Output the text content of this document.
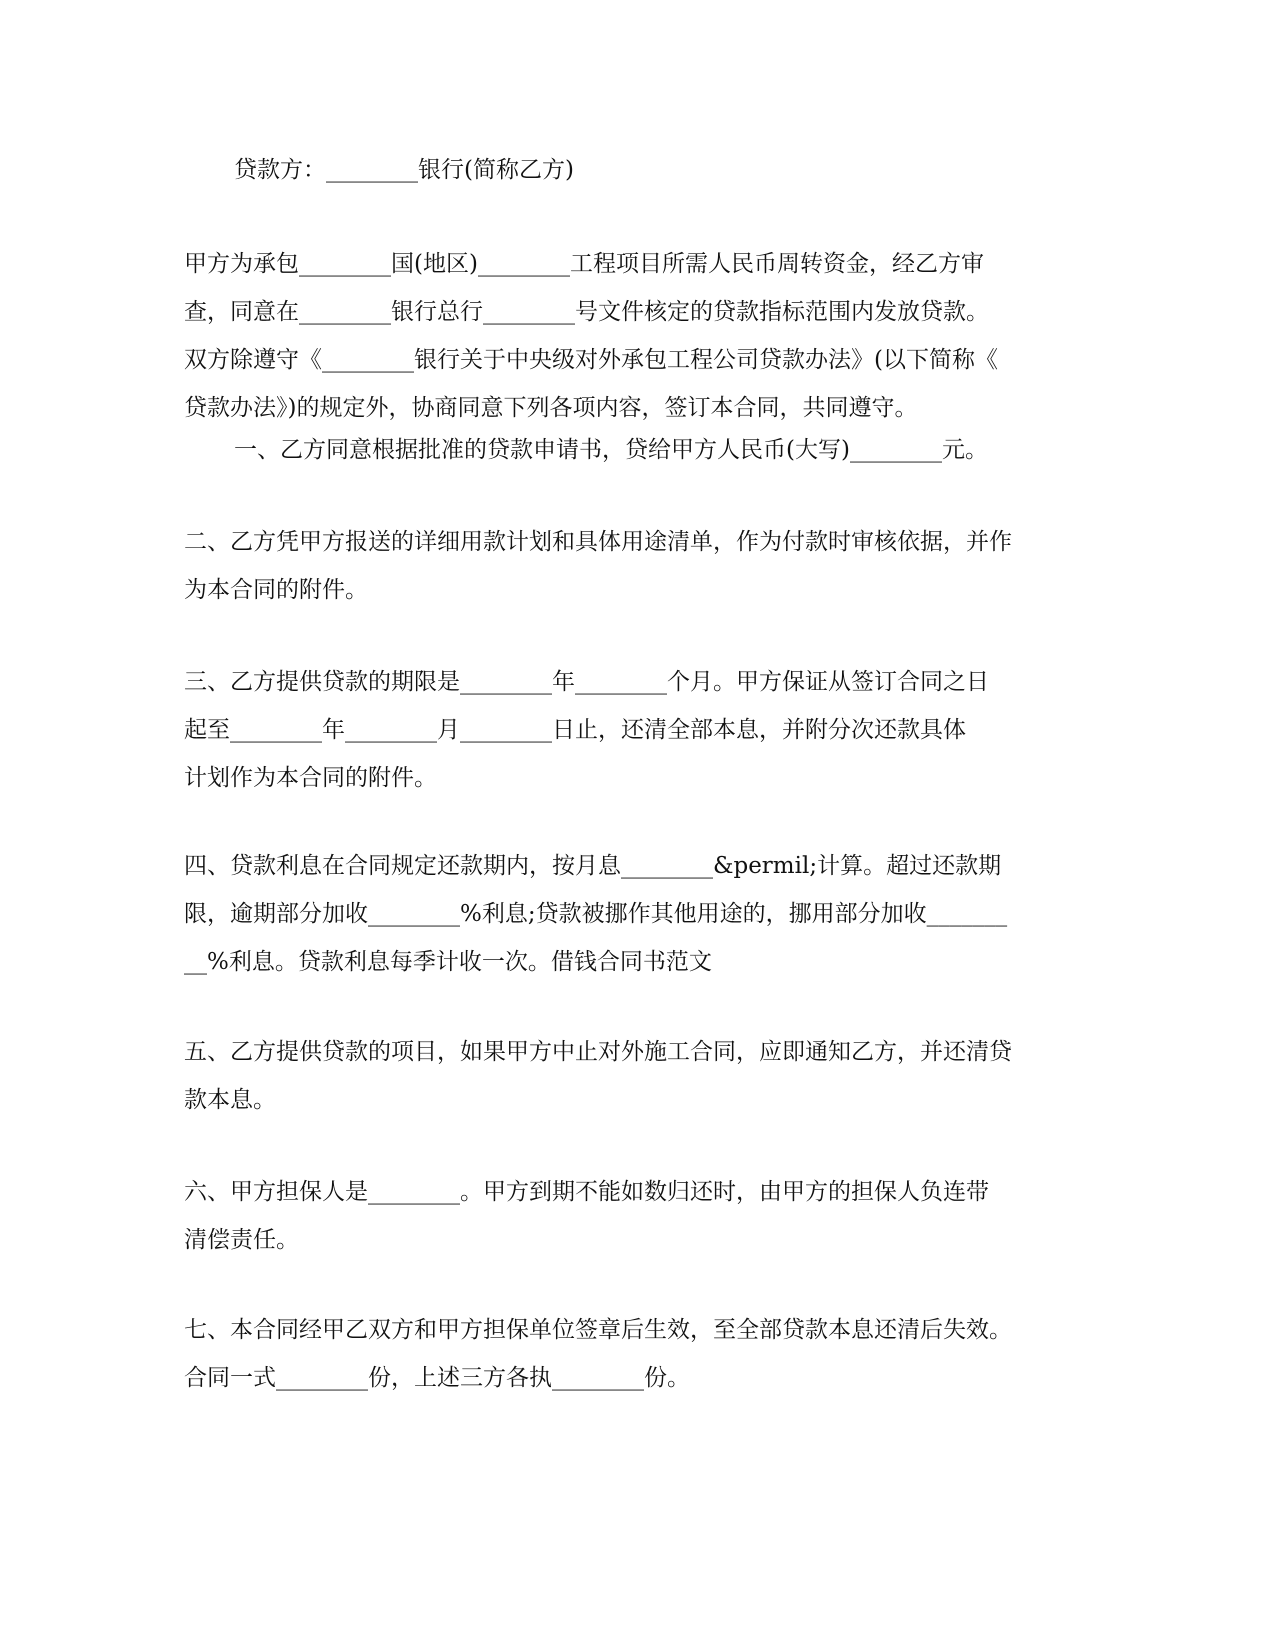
贷款方：________银行(简称乙方)
甲方为承包________国(地区)________工程项目所需人民币周转资金，经乙方审
查，同意在________银行总行________号文件核定的贷款指标范围内发放贷款。
双方除遵守《________银行关于中央级对外承包工程公司贷款办法》(以下简称《
贷款办法》)的规定外，协商同意下列各项内容，签订本合同，共同遵守。
一、乙方同意根据批准的贷款申请书，贷给甲方人民币(大写)________元。
二、乙方凭甲方报送的详细用款计划和具体用途清单，作为付款时审核依据，并作
为本合同的附件。
三、乙方提供贷款的期限是________年________个月。甲方保证从签订合同之日
起至________年________月________日止，还清全部本息，并附分次还款具体
计划作为本合同的附件。
四、贷款利息在合同规定还款期内，按月息________&permil;计算。超过还款期
限，逾期部分加收________%利息;贷款被挪作其他用途的，挪用部分加收_______
__%利息。贷款利息每季计收一次。借钱合同书范文
五、乙方提供贷款的项目，如果甲方中止对外施工合同，应即通知乙方，并还清贷
款本息。
六、甲方担保人是________。甲方到期不能如数归还时，由甲方的担保人负连带
清偿责任。
七、本合同经甲乙双方和甲方担保单位签章后生效，至全部贷款本息还清后失效。
合同一式________份，上述三方各执________份。
